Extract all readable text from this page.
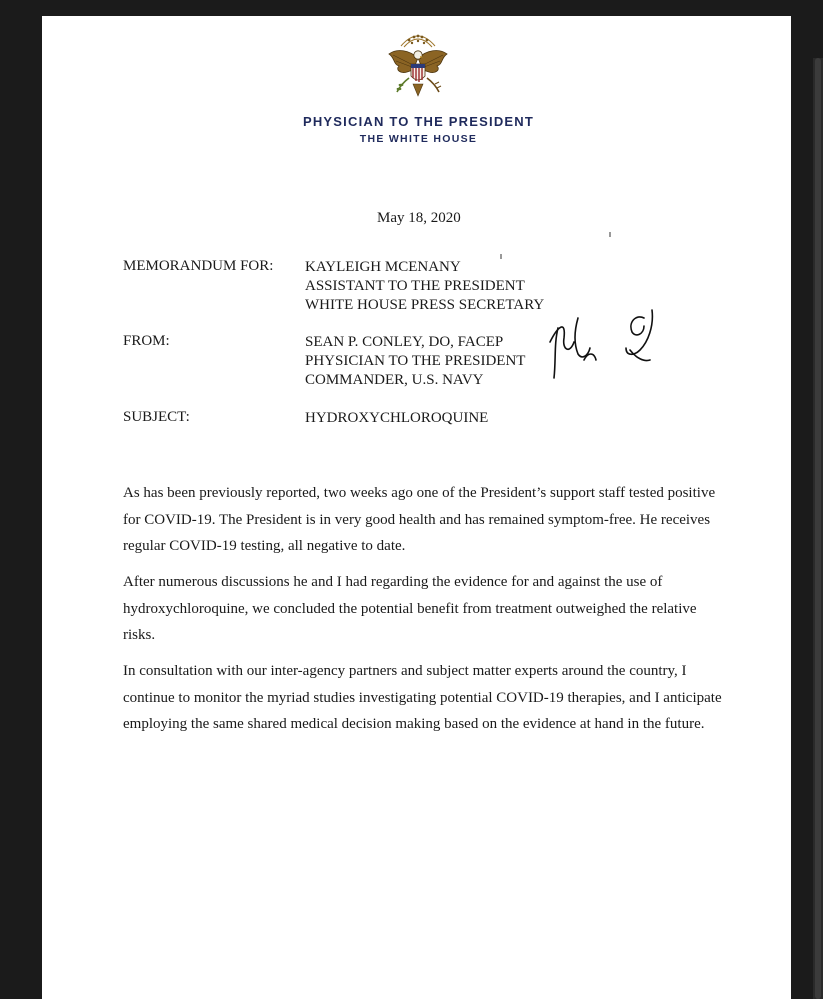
PHYSICIAN TO THE PRESIDENT
THE WHITE HOUSE
May 18, 2020
MEMORANDUM FOR: KAYLEIGH MCENANY
ASSISTANT TO THE PRESIDENT
WHITE HOUSE PRESS SECRETARY
FROM:	SEAN P. CONLEY, DO, FACEP
PHYSICIAN TO THE PRESIDENT
COMMANDER, U.S. NAVY
SUBJECT:	HYDROXYCHLOROQUINE
As has been previously reported, two weeks ago one of the President’s support staff tested positive for COVID-19. The President is in very good health and has remained symptom-free. He receives regular COVID-19 testing, all negative to date.
After numerous discussions he and I had regarding the evidence for and against the use of hydroxychloroquine, we concluded the potential benefit from treatment outweighed the relative risks.
In consultation with our inter-agency partners and subject matter experts around the country, I continue to monitor the myriad studies investigating potential COVID-19 therapies, and I anticipate employing the same shared medical decision making based on the evidence at hand in the future.
